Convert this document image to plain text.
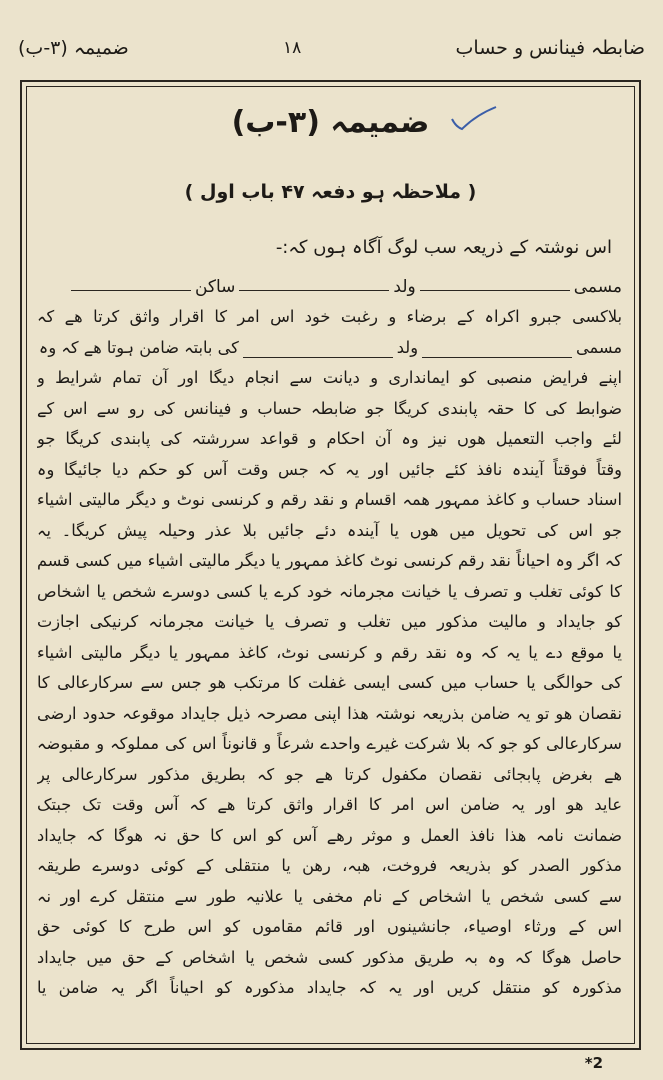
ضابطہ فینانس و حساب
۱۸
ضمیمہ (۳-ب)
ضمیمہ (۳-ب)
( ملاحظہ ہو دفعہ ۴۷ باب اول )
اس نوشتہ کے ذریعہ سب لوگ آگاہ ہوں کہ:-
مسمی
ولد
ساکن
بلاکسی جبرو اکراہ کے برضاء و رغبت خود اس امر کا اقرار واثق کرتا ھے کہ
مسمی
ولد
کی بابتہ ضامن ہوتا ھے کہ وہ
اپنے فرایض منصبی کو ایمانداری و دیانت سے انجام دیگا اور آن تمام شرایط و
ضوابط کی کا حقہ پابندی کریگا جو ضابطہ حساب و فینانس کی رو سے اس کے
لئے واجب التعمیل ھوں نیز وہ آن احکام و قواعد سررشتہ کی پابندی کریگا جو
وقتاً فوقتاً آیندہ نافذ کئے جائیں اور یہ کہ جس وقت آس کو حکم دیا جائیگا وہ
اسناد حساب و کاغذ ممہور ھمہ اقسام و نقد رقم و کرنسی نوٹ و دیگر مالیتی اشیاء
جو اس کی تحویل میں ھوں یا آیندہ دئے جائیں بلا عذر وحیلہ پیش کریگا۔ یہ
کہ اگر وہ احیاناً نقد رقم کرنسی نوٹ کاغذ ممہور یا دیگر مالیتی اشیاء میں کسی قسم
کا کوئی تغلب و تصرف یا خیانت مجرمانہ خود کرے یا کسی دوسرے شخص یا اشخاص
کو جایداد و مالیت مذکور میں تغلب و تصرف یا خیانت مجرمانہ کرنیکی اجازت
یا موقع دے یا یہ کہ وہ نقد رقم و کرنسی نوٹ، کاغذ ممہور یا دیگر مالیتی اشیاء
کی حوالگی یا حساب میں کسی ایسی غفلت کا مرتکب ھو جس سے سرکارعالی کا
نقصان ھو تو یہ ضامن بذریعہ نوشتہ ھذا اپنی مصرحہ ذیل جایداد موقوعہ حدود ارضی
سرکارعالی کو جو کہ بلا شرکت غیرے واحدے شرعاً و قانوناً اس کی مملوکہ و مقبوضہ
ھے بغرض پابجائی نقصان مکفول کرتا ھے جو کہ بطریق مذکور سرکارعالی پر
عاید ھو اور یہ ضامن اس امر کا اقرار واثق کرتا ھے کہ آس وقت تک جبتک
ضمانت نامہ ھذا نافذ العمل و موثر رھے آس کو اس کا حق نہ ھوگا کہ جایداد
مذکور الصدر کو بذریعہ فروخت، ھبہ، رھن یا منتقلی کے کوئی دوسرے طریقہ
سے کسی شخص یا اشخاص کے نام مخفی یا علانیہ طور سے منتقل کرے اور نہ
اس کے ورثاء اوصیاء، جانشینوں اور قائم مقاموں کو اس طرح کا کوئی حق
حاصل ھوگا کہ وہ بہ طریق مذکور کسی شخص یا اشخاص کے حق میں جایداد
مذکورہ کو منتقل کریں اور یہ کہ جایداد مذکورہ کو احیاناً اگر یہ ضامن یا
*2
